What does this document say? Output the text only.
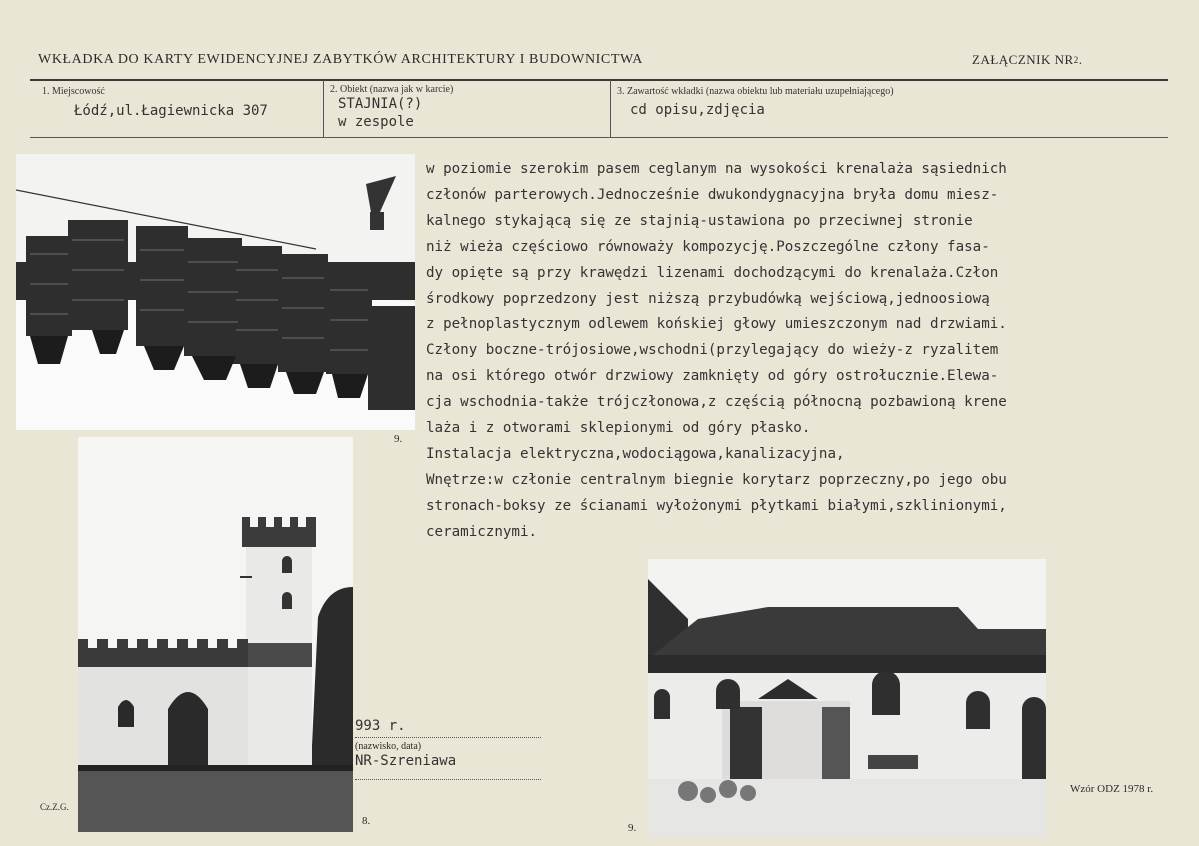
WKŁADKA DO KARTY EWIDENCYJNEJ ZABYTKÓW ARCHITEKTURY I BUDOWNICTWA	ZAŁĄCZNIK NR2.
1. Miejscowość
Łódź,ul.Łagiewnicka 307
2. Obiekt (nazwa jak w karcie)
STAJNIA(?)
w zespole
3. Zawartość wkładki (nazwa obiektu lub materiału uzupełniającego)
cd opisu,zdjęcia
w poziomie szerokim pasem ceglanym na wysokości krenalaża sąsiednich
członów parterowych.Jednocześnie dwukondygnacyjna bryła domu miesz-
kalnego stykającą się ze stajnią-ustawiona po przeciwnej stronie
niż wieża częściowo równoważy kompozycję.Poszczególne człony fasa-
dy opięte są przy krawędzi lizenami dochodzącymi do krenalaża.Człon
środkowy poprzedzony jest niższą przybudówką wejściową,jednoosiową
z pełnoplastycznym odlewem końskiej głowy umieszczonym nad drzwiami.
Człony boczne-trójosiowe,wschodni(przylegający do wieży-z ryzalitem
na osi którego otwór drzwiowy zamknięty od góry ostrołucznie.Elewa-
cja wschodnia-także trójczłonowa,z częścią północną pozbawioną krene
laża i z otworami sklepionymi od góry płasko.
Instalacja elektryczna,wodociągowa,kanalizacyjna,
Wnętrze:w członie centralnym biegnie korytarz poprzeczny,po jego obu
stronach-boksy ze ścianami wyłożonymi płytkami białymi,szklinionymi,
ceramicznymi.
9.
8.
9.
993 r.
(nazwisko, data)
NR-Szreniawa
Wzór ODZ 1978 r.
Cz.Z.G.
